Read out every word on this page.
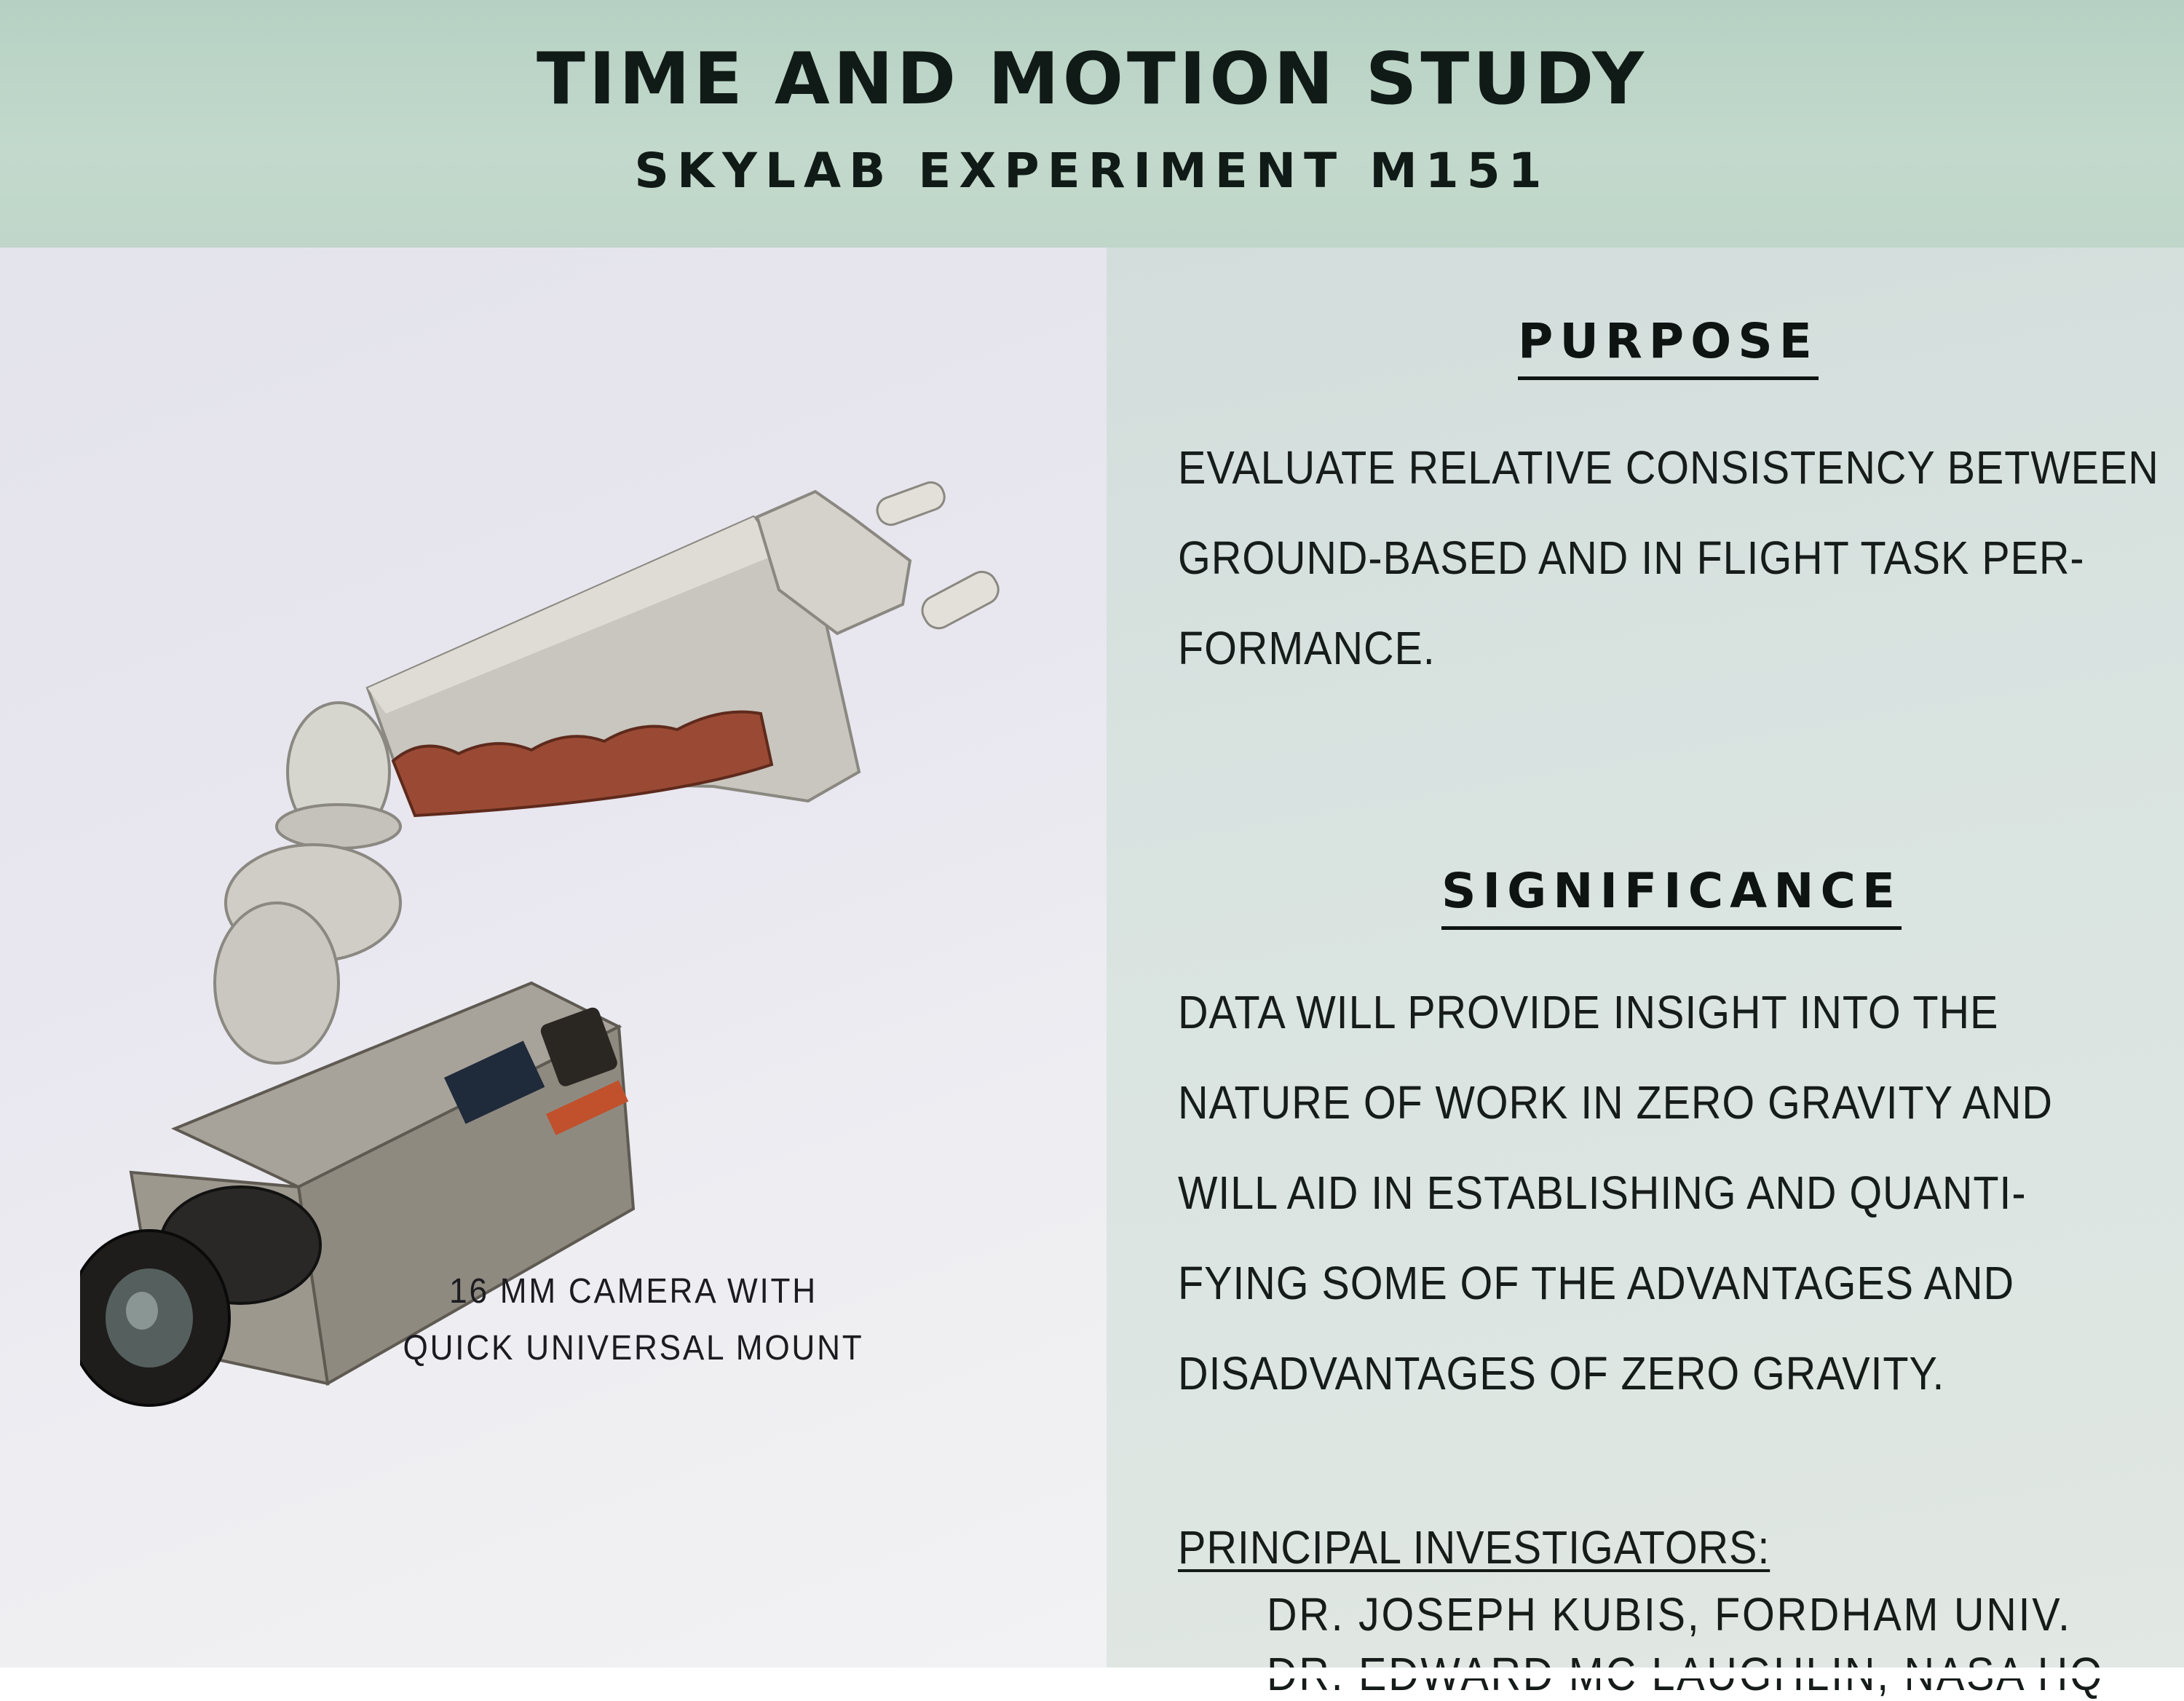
TIME AND MOTION STUDY
SKYLAB EXPERIMENT M151
16 MM CAMERA WITH
QUICK UNIVERSAL MOUNT
PURPOSE
EVALUATE RELATIVE CONSISTENCY BETWEEN
GROUND-BASED AND IN FLIGHT TASK PER-
FORMANCE.
SIGNIFICANCE
DATA WILL PROVIDE INSIGHT INTO THE
NATURE OF WORK IN ZERO GRAVITY AND
WILL AID IN ESTABLISHING AND QUANTI-
FYING SOME OF THE ADVANTAGES AND
DISADVANTAGES OF ZERO GRAVITY.
PRINCIPAL INVESTIGATORS:
DR. JOSEPH KUBIS, FORDHAM UNIV.
